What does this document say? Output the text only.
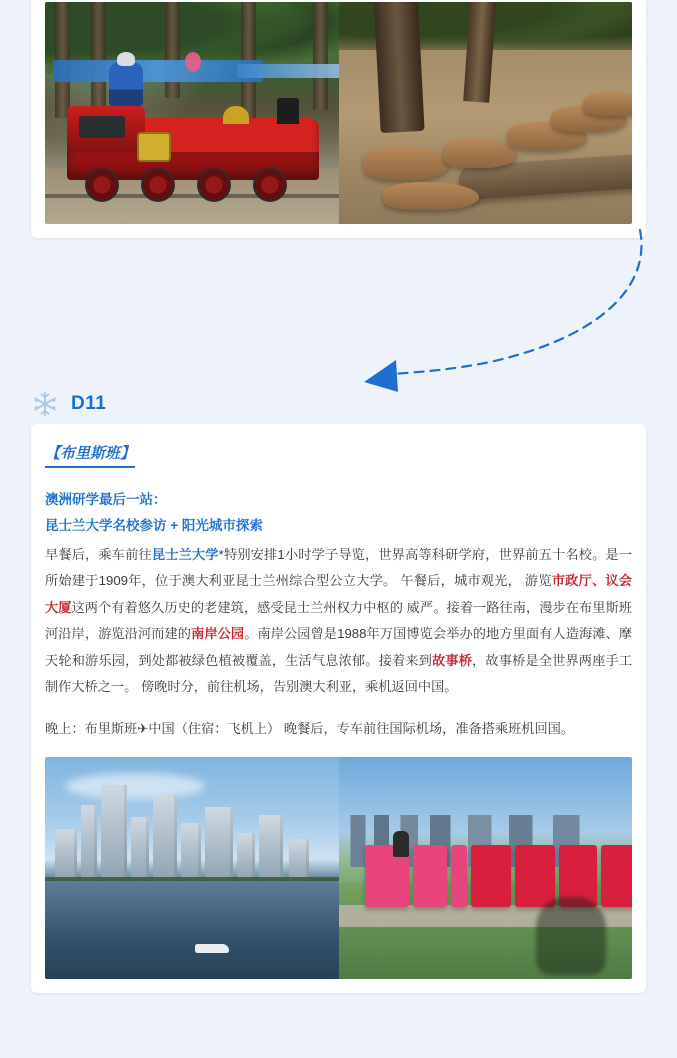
D11
【布里斯班】

澳洲研学最后一站：

昆士兰大学名校参访 + 阳光城市探索

早餐后，乘车前往昆士兰大学*特别安排1小时学子导览，世界高等科研学府，世界前五十名校。是一所始建于1909年，位于澳大利亚昆士兰州综合型公立大学。 午餐后，城市观光， 游览市政厅、议会大厦这两个有着悠久历史的老建筑，感受昆士兰州权力中枢的 威严。接着一路往南，漫步在布里斯班河沿岸，游览沿河而建的南岸公园。南岸公园曾是1988年万国博览会举办的地方里面有人造海滩、摩天轮和游乐园，到处都被绿色植被覆盖，生活气息浓郁。接着来到故事桥，故事桥是全世界两座手工制作大桥之一。 傍晚时分，前往机场，告别澳大利亚，乘机返回中国。

晚上：布里斯班✈中国（住宿：飞机上） 晚餐后，专车前往国际机场，准备搭乘班机回国。
